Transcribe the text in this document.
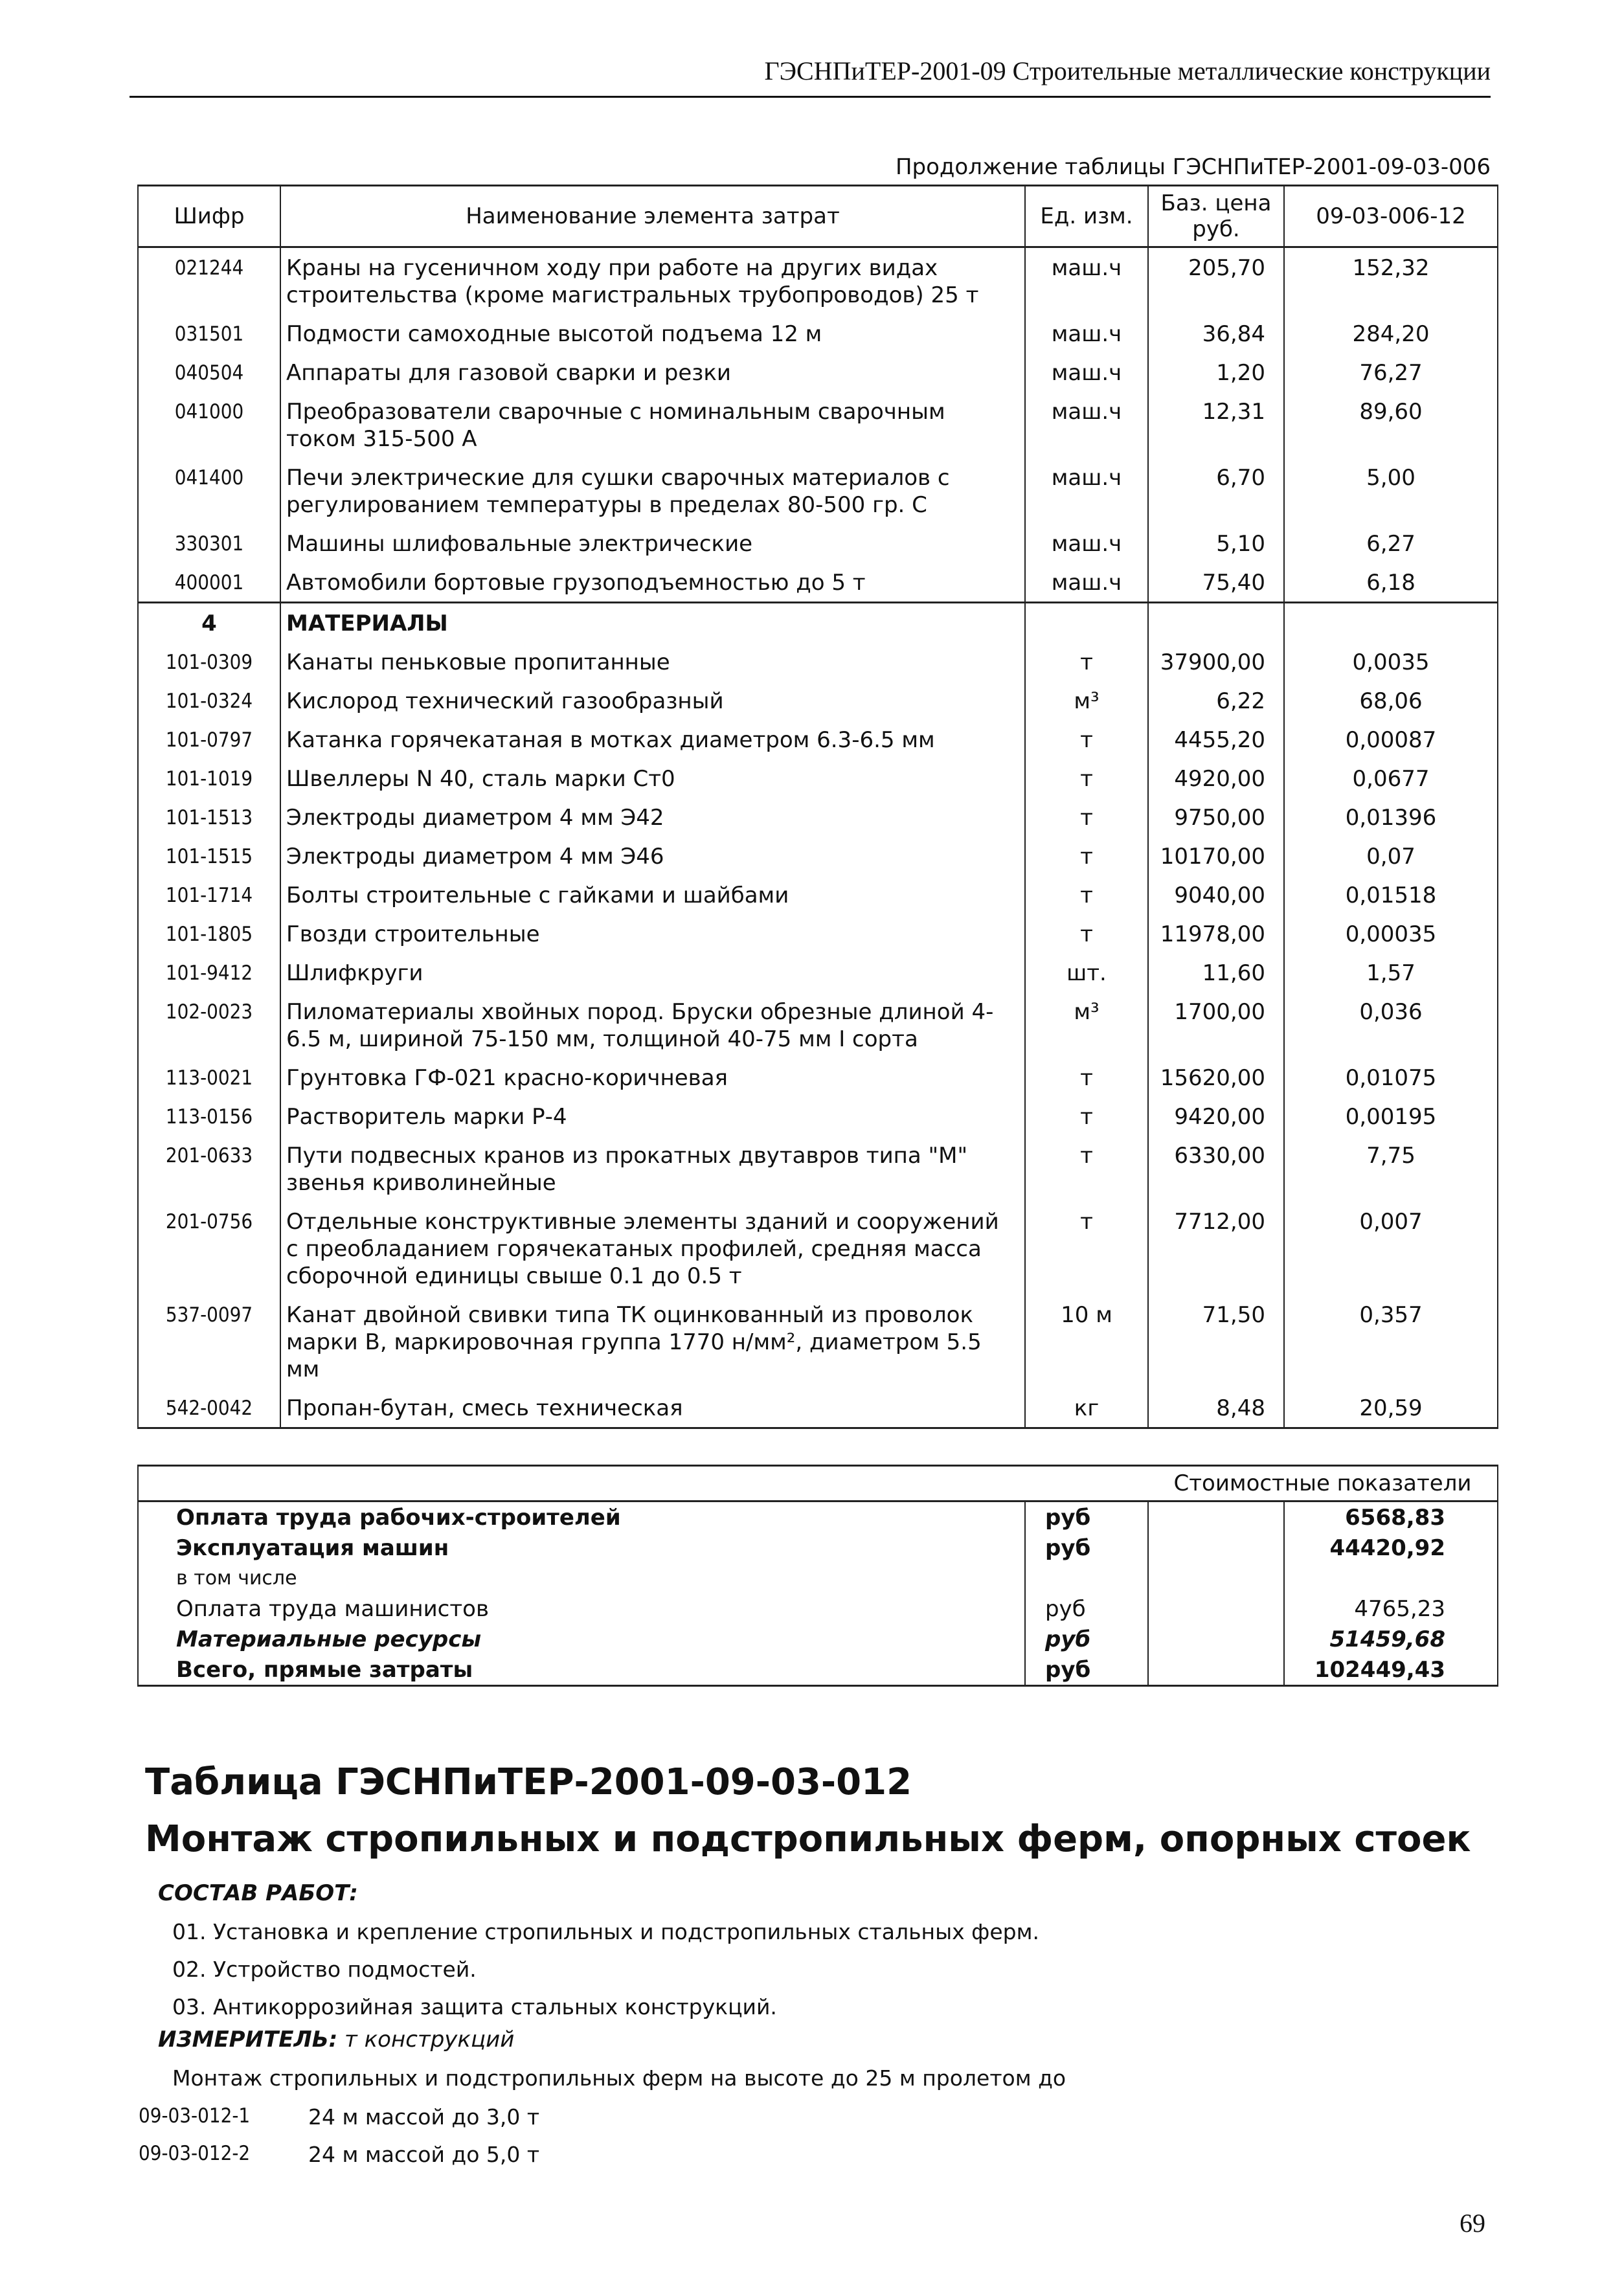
ГЭСНПиТЕР-2001-09 Строительные металлические конструкции
Продолжение таблицы ГЭСНПиТЕР-2001-09-03-006
Шифр	Наименование элемента затрат	Ед. изм.	Баз. цена руб.	09-03-006-12
021244	Краны на гусеничном ходу при работе на других видах строительства (кроме магистральных трубопроводов) 25 т	маш.ч	205,70	152,32
031501	Подмости самоходные высотой подъема 12 м	маш.ч	36,84	284,20
040504	Аппараты для газовой сварки и резки	маш.ч	1,20	76,27
041000	Преобразователи сварочные с номинальным сварочным током 315-500 А	маш.ч	12,31	89,60
041400	Печи электрические для сушки сварочных материалов с регулированием температуры в пределах 80-500 гр. С	маш.ч	6,70	5,00
330301	Машины шлифовальные электрические	маш.ч	5,10	6,27
400001	Автомобили бортовые грузоподъемностью до 5 т	маш.ч	75,40	6,18
4	МАТЕРИАЛЫ			
101-0309	Канаты пеньковые пропитанные	т	37900,00	0,0035
101-0324	Кислород технический газообразный	м³	6,22	68,06
101-0797	Катанка горячекатаная в мотках диаметром 6.3-6.5 мм	т	4455,20	0,00087
101-1019	Швеллеры N 40, сталь марки Ст0	т	4920,00	0,0677
101-1513	Электроды диаметром 4 мм Э42	т	9750,00	0,01396
101-1515	Электроды диаметром 4 мм Э46	т	10170,00	0,07
101-1714	Болты строительные с гайками и шайбами	т	9040,00	0,01518
101-1805	Гвозди строительные	т	11978,00	0,00035
101-9412	Шлифкруги	шт.	11,60	1,57
102-0023	Пиломатериалы хвойных пород. Бруски обрезные длиной 4-6.5 м, шириной 75-150 мм, толщиной 40-75 мм I сорта	м³	1700,00	0,036
113-0021	Грунтовка ГФ-021 красно-коричневая	т	15620,00	0,01075
113-0156	Растворитель марки Р-4	т	9420,00	0,00195
201-0633	Пути подвесных кранов из прокатных двутавров типа "М" звенья криволинейные	т	6330,00	7,75
201-0756	Отдельные конструктивные элементы зданий и сооружений с преобладанием горячекатаных профилей, средняя масса сборочной единицы свыше 0.1 до 0.5 т	т	7712,00	0,007
537-0097	Канат двойной свивки типа ТК оцинкованный из проволок марки В, маркировочная группа 1770 н/мм², диаметром 5.5 мм	10 м	71,50	0,357
542-0042	Пропан-бутан, смесь техническая	кг	8,48	20,59
		Стоимостные показатели	
Оплата труда рабочих-строителей	руб		6568,83
Эксплуатация машин	руб		44420,92
в том числе			
Оплата труда машинистов	руб		4765,23
Материальные ресурсы	руб		51459,68
Всего, прямые затраты	руб		102449,43
Таблица ГЭСНПиТЕР-2001-09-03-012
Монтаж стропильных и подстропильных ферм, опорных стоек
СОСТАВ РАБОТ:
01. Установка и крепление стропильных и подстропильных стальных ферм.
02. Устройство подмостей.
03. Антикоррозийная защита стальных конструкций.
ИЗМЕРИТЕЛЬ: т конструкций
Монтаж стропильных и подстропильных ферм на высоте до 25 м пролетом до
09-03-012-1	24 м массой до 3,0 т
09-03-012-2	24 м массой до 5,0 т
69
